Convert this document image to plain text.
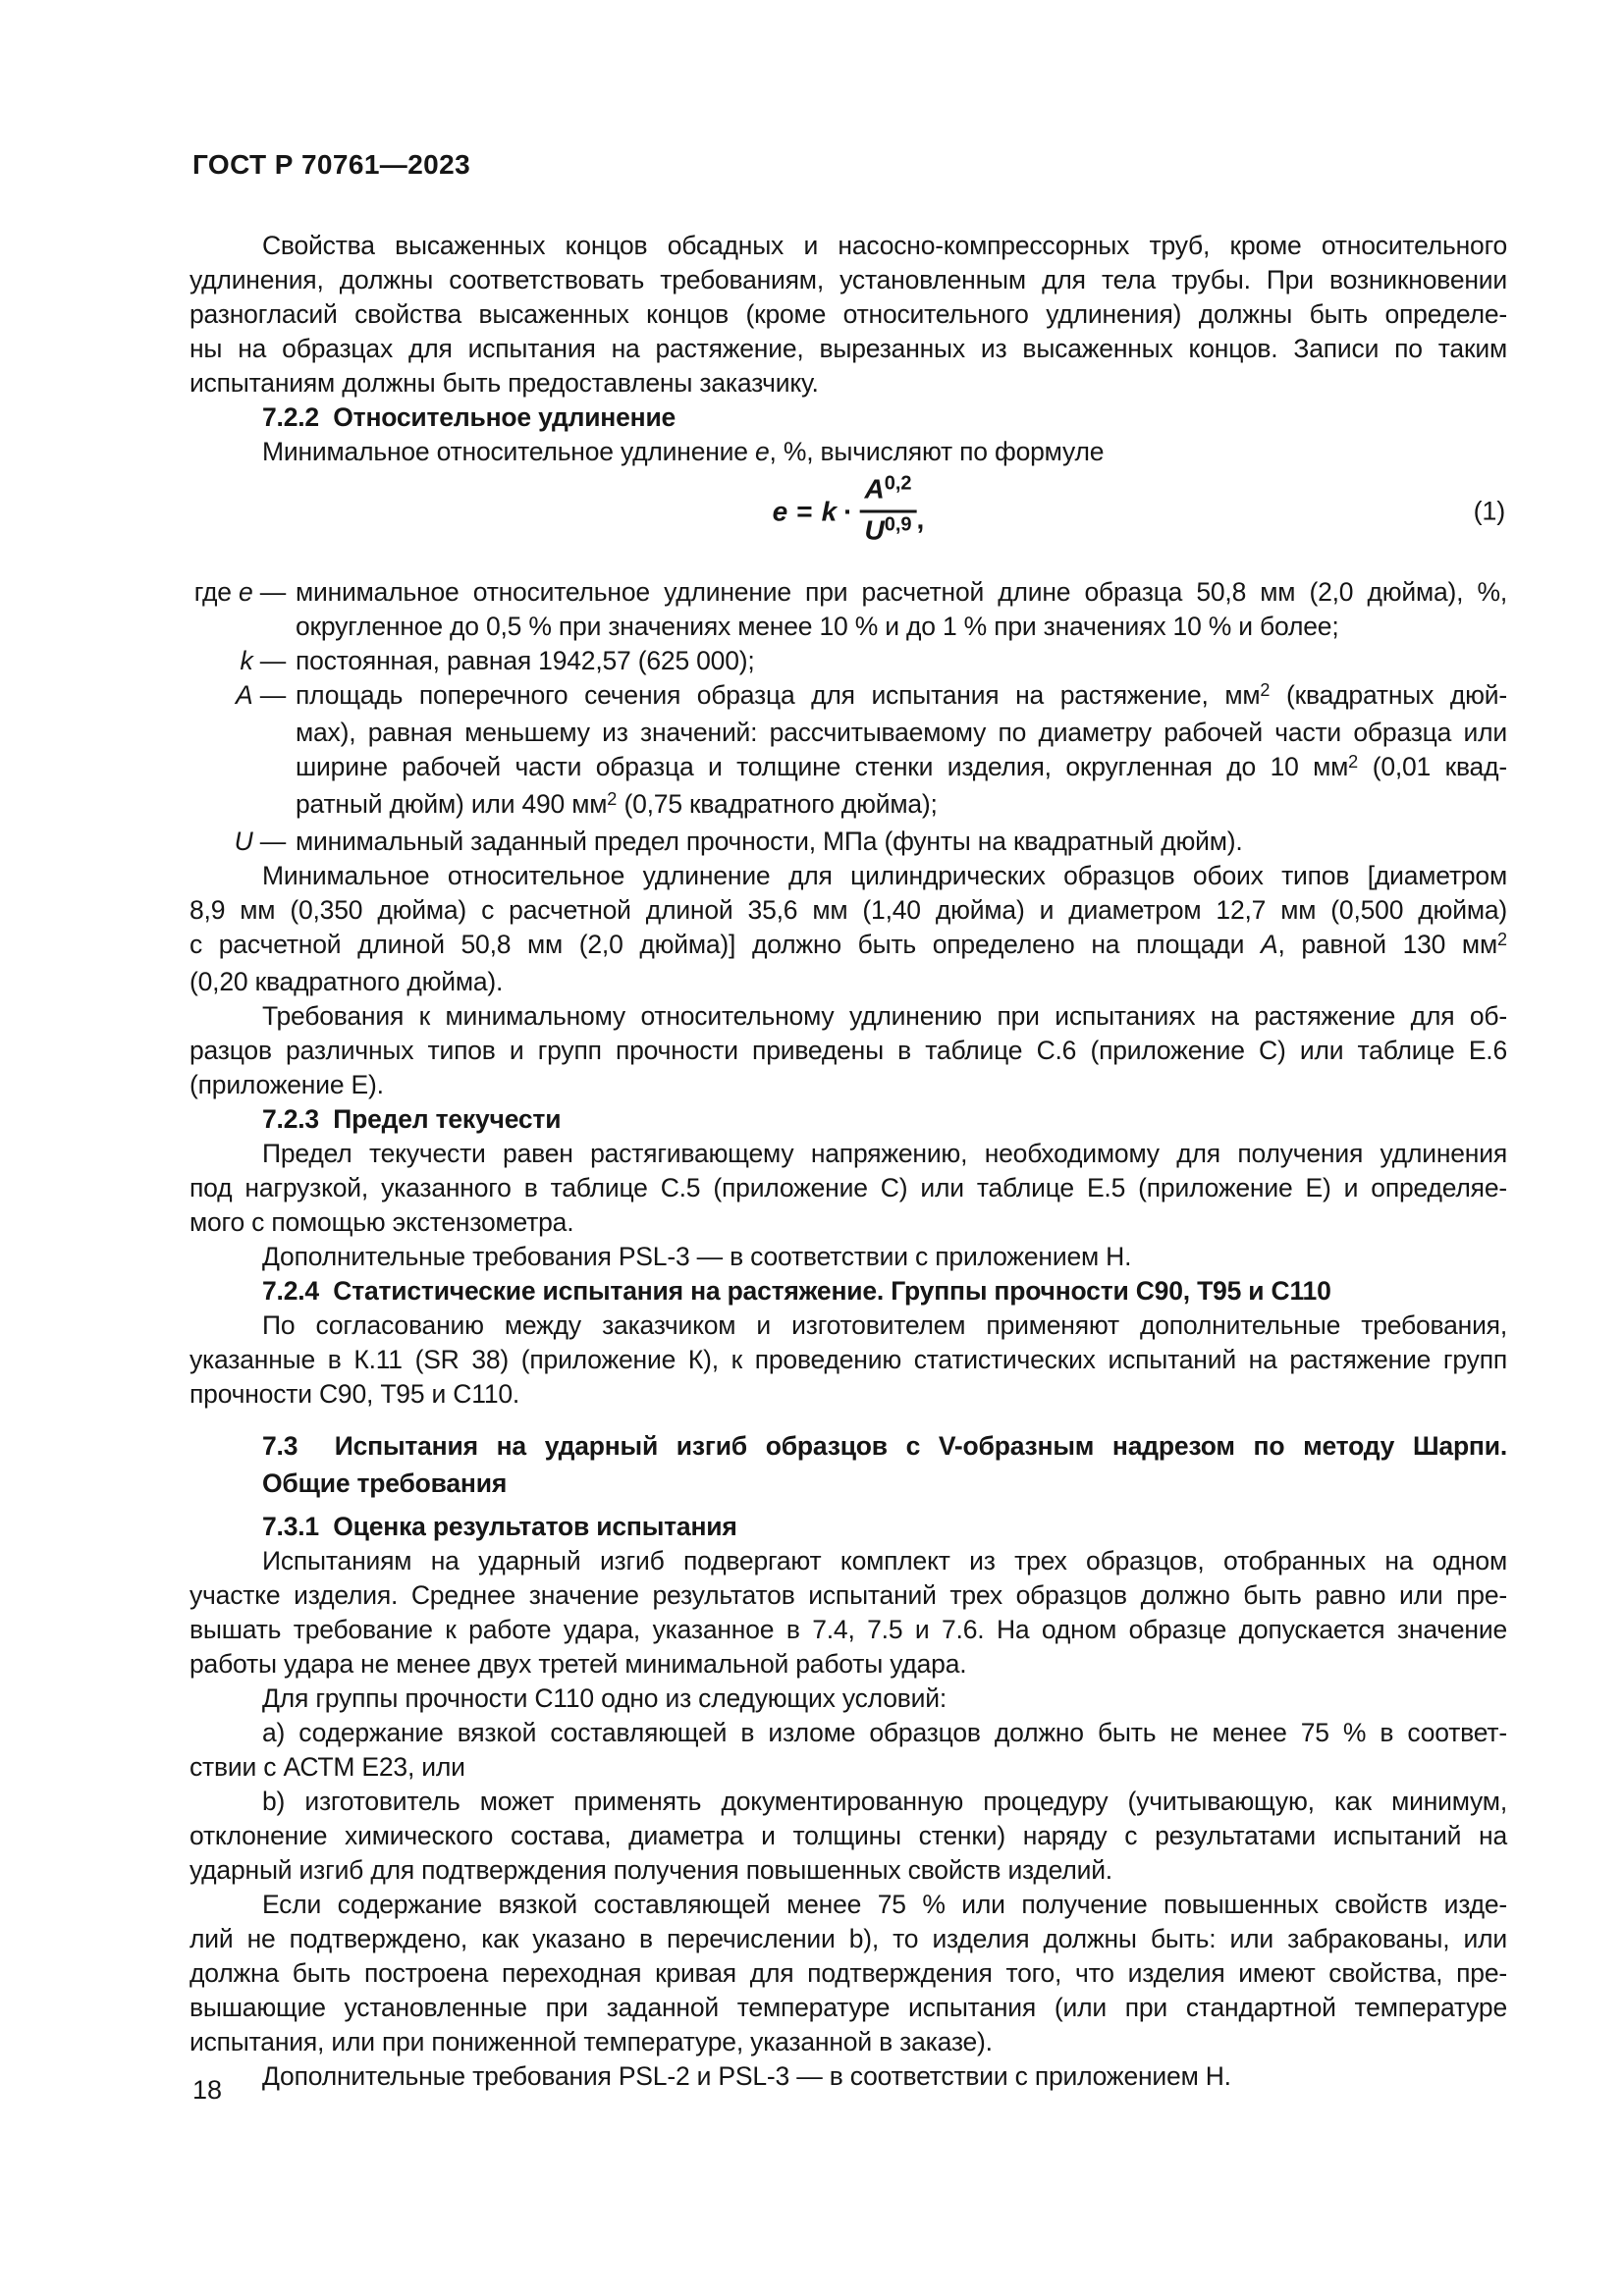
ГОСТ Р 70761—2023
Свойства высаженных концов обсадных и насосно-компрессорных труб, кроме относительного
удлинения, должны соответствовать требованиям, установленным для тела трубы. При возникновении
разногласий свойства высаженных концов (кроме относительного удлинения) должны быть определе-
ны на образцах для испытания на растяжение, вырезанных из высаженных концов. Записи по таким
испытаниям должны быть предоставлены заказчику.
7.2.2  Относительное удлинение
Минимальное относительное удлинение е, %, вычисляют по формуле
$е = k \cdot \frac{А^{0,2}}{U^{0,9}}$ ,	(1)
где е — минимальное относительное удлинение при расчетной длине образца 50,8 мм (2,0 дюйма), %,
округленное до 0,5 % при значениях менее 10 % и до 1 % при значениях 10 % и более;
k — постоянная, равная 1942,57 (625 000);
А — площадь поперечного сечения образца для испытания на растяжение, $мм^2$ (квадратных дюй-
мах), равная меньшему из значений: рассчитываемому по диаметру рабочей части образца или
ширине рабочей части образца и толщине стенки изделия, округленная до 10 $мм^2$ (0,01 квад-
ратный дюйм) или 490 $мм^2$ (0,75 квадратного дюйма);
U — минимальный заданный предел прочности, МПа (фунты на квадратный дюйм).
Минимальное относительное удлинение для цилиндрических образцов обоих типов [диаметром
8,9 мм (0,350 дюйма) с расчетной длиной 35,6 мм (1,40 дюйма) и диаметром 12,7 мм (0,500 дюйма)
с расчетной длиной 50,8 мм (2,0 дюйма)] должно быть определено на площади А, равной 130 $мм^2$
(0,20 квадратного дюйма).
Требования к минимальному относительному удлинению при испытаниях на растяжение для об-
разцов различных типов и групп прочности приведены в таблице С.6 (приложение С) или таблице Е.6
(приложение Е).
7.2.3  Предел текучести
Предел текучести равен растягивающему напряжению, необходимому для получения удлинения
под нагрузкой, указанного в таблице С.5 (приложение С) или таблице Е.5 (приложение Е) и определяе-
мого с помощью экстензометра.
Дополнительные требования PSL-3 — в соответствии с приложением Н.
7.2.4  Статистические испытания на растяжение. Группы прочности С90, Т95 и С110
По согласованию между заказчиком и изготовителем применяют дополнительные требования,
указанные в К.11 (SR 38) (приложение К), к проведению статистических испытаний на растяжение групп
прочности С90, Т95 и С110.
7.3  Испытания на ударный изгиб образцов с V-образным надрезом по методу Шарпи.
Общие требования
7.3.1  Оценка результатов испытания
Испытаниям на ударный изгиб подвергают комплект из трех образцов, отобранных на одном
участке изделия. Среднее значение результатов испытаний трех образцов должно быть равно или пре-
вышать требование к работе удара, указанное в 7.4, 7.5 и 7.6. На одном образце допускается значение
работы удара не менее двух третей минимальной работы удара.
Для группы прочности С110 одно из следующих условий:
a) содержание вязкой составляющей в изломе образцов должно быть не менее 75 % в соответ-
ствии с АСТМ Е23, или
b) изготовитель может применять документированную процедуру (учитывающую, как минимум,
отклонение химического состава, диаметра и толщины стенки) наряду с результатами испытаний на
ударный изгиб для подтверждения получения повышенных свойств изделий.
Если содержание вязкой составляющей менее 75 % или получение повышенных свойств изде-
лий не подтверждено, как указано в перечислении b), то изделия должны быть: или забракованы, или
должна быть построена переходная кривая для подтверждения того, что изделия имеют свойства, пре-
вышающие установленные при заданной температуре испытания (или при стандартной температуре
испытания, или при пониженной температуре, указанной в заказе).
Дополнительные требования PSL-2 и PSL-3 — в соответствии с приложением Н.
18
